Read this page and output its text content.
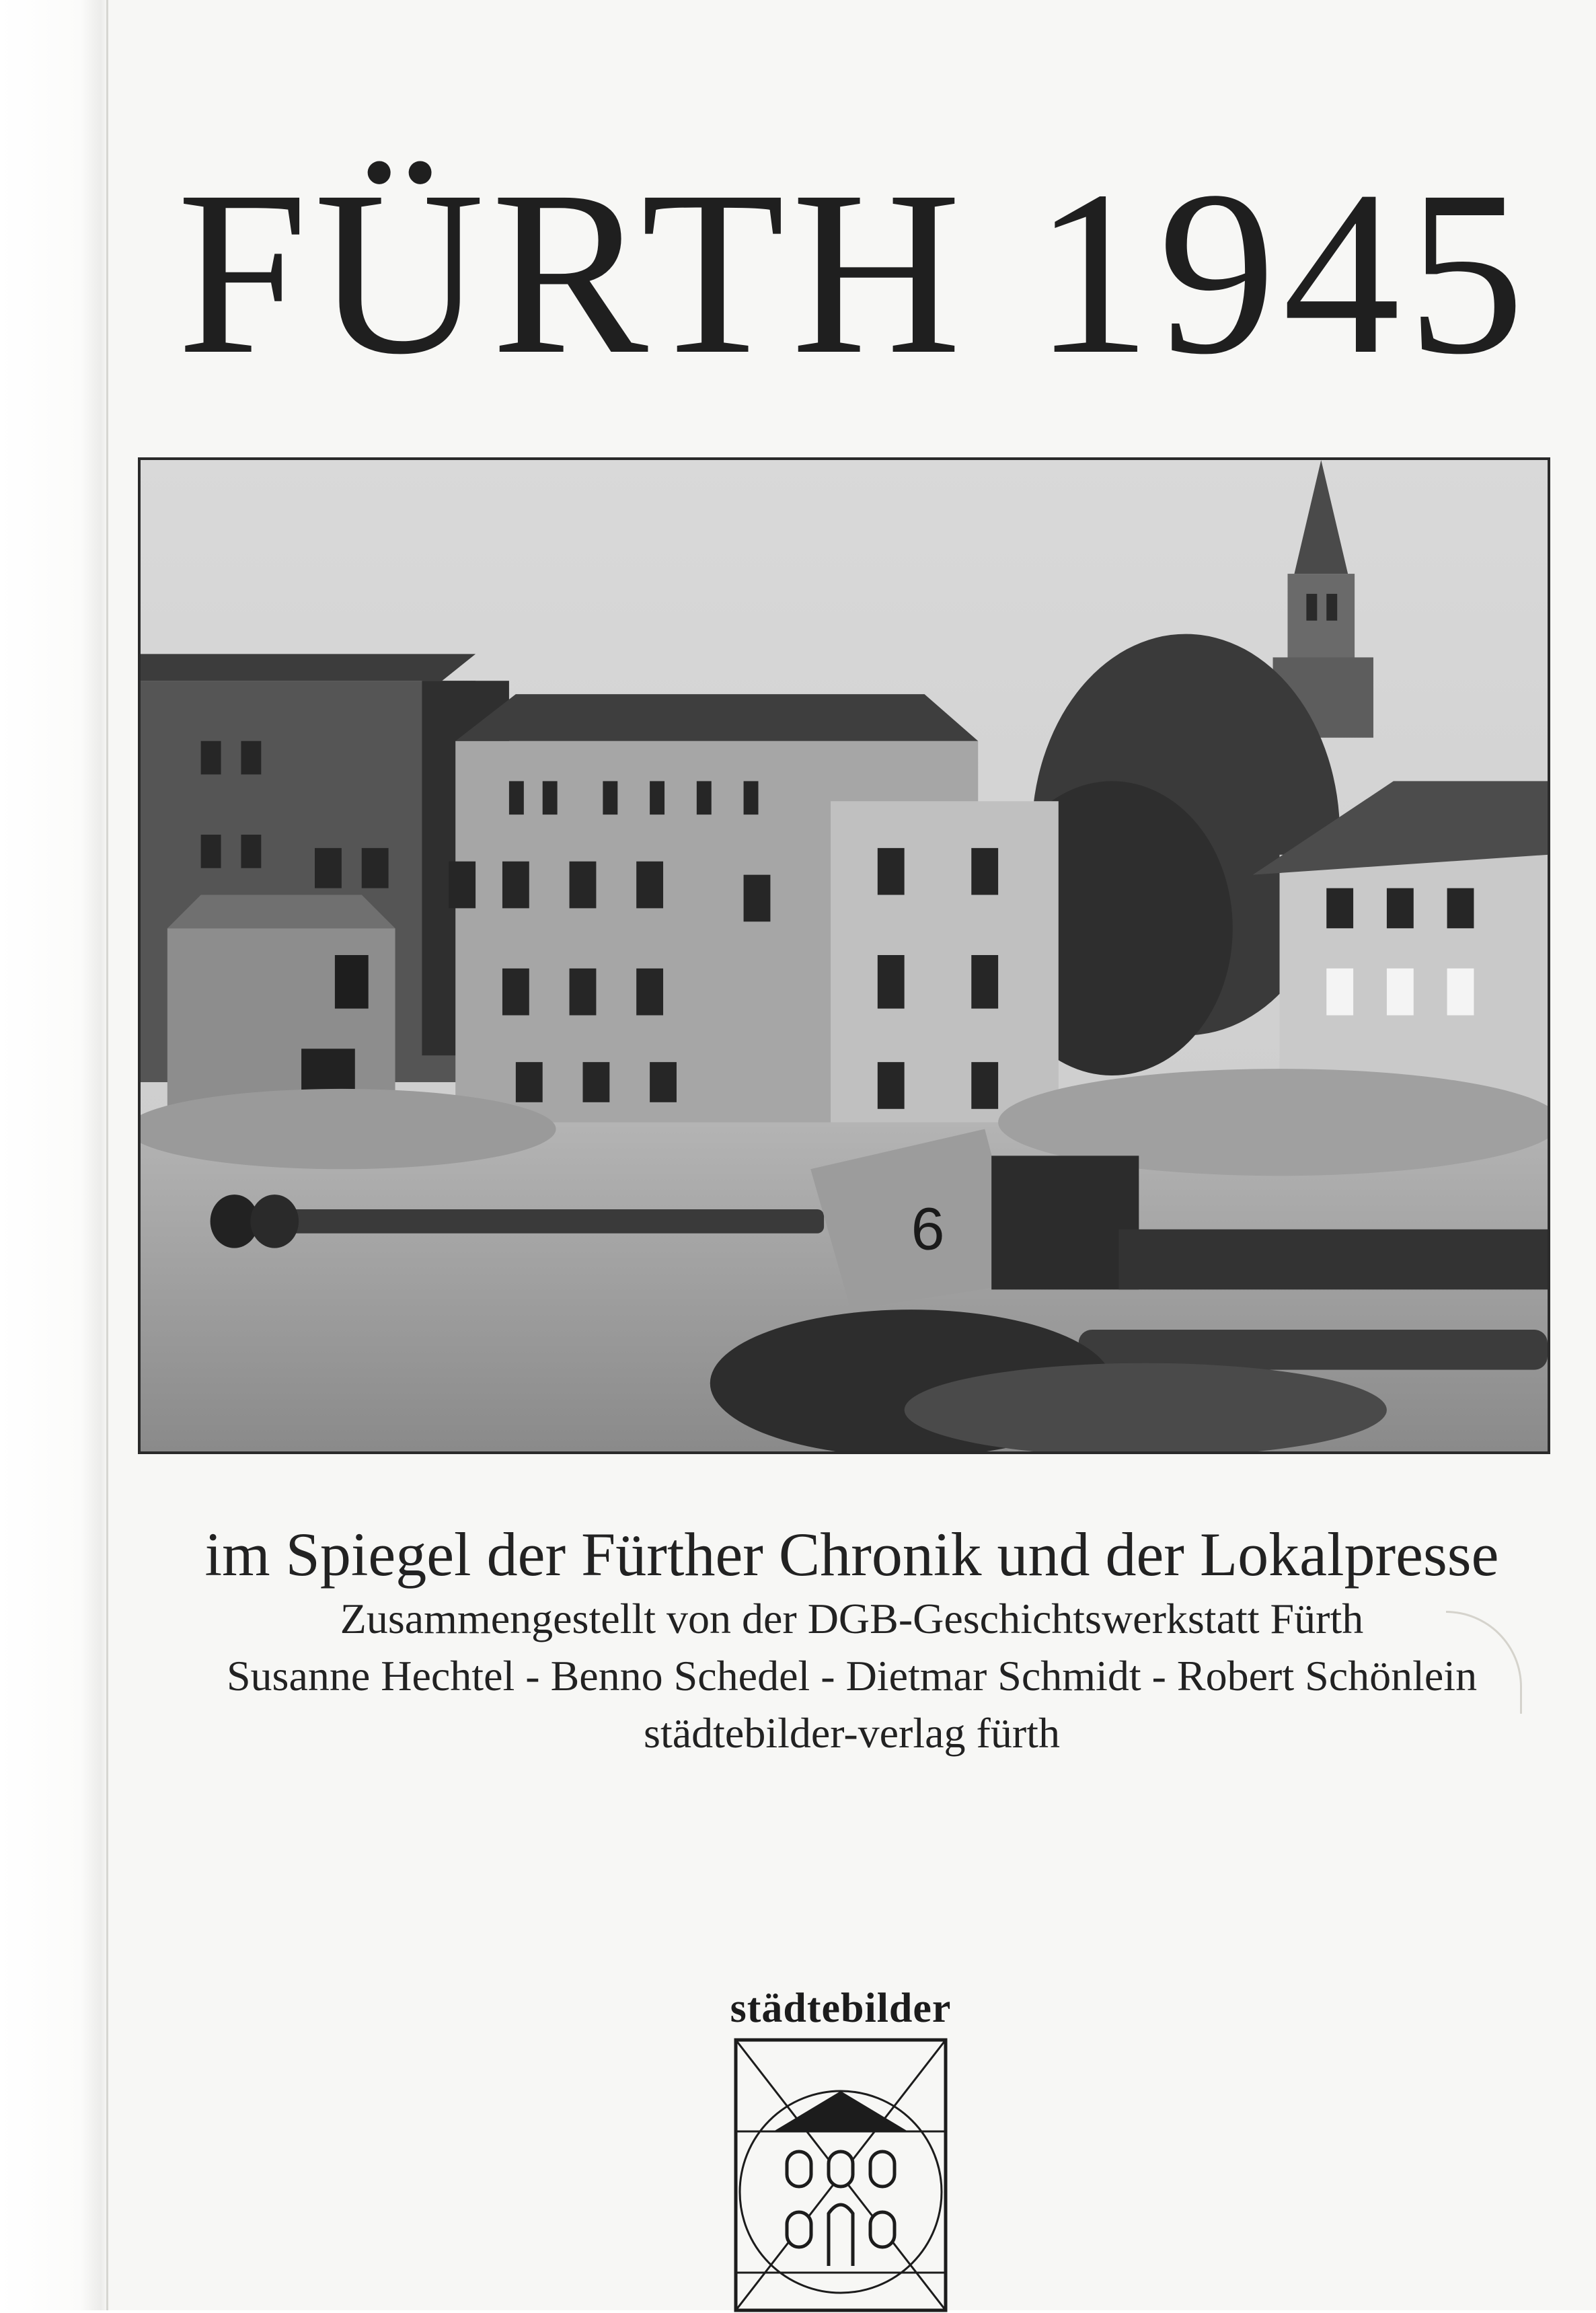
FÜRTH 1945
6
im Spiegel der Fürther Chronik und der Lokalpresse
Zusammengestellt von der DGB-Geschichtswerkstatt Fürth
Susanne Hechtel - Benno Schedel - Dietmar Schmidt - Robert Schönlein
städtebilder-verlag fürth
städtebilder
